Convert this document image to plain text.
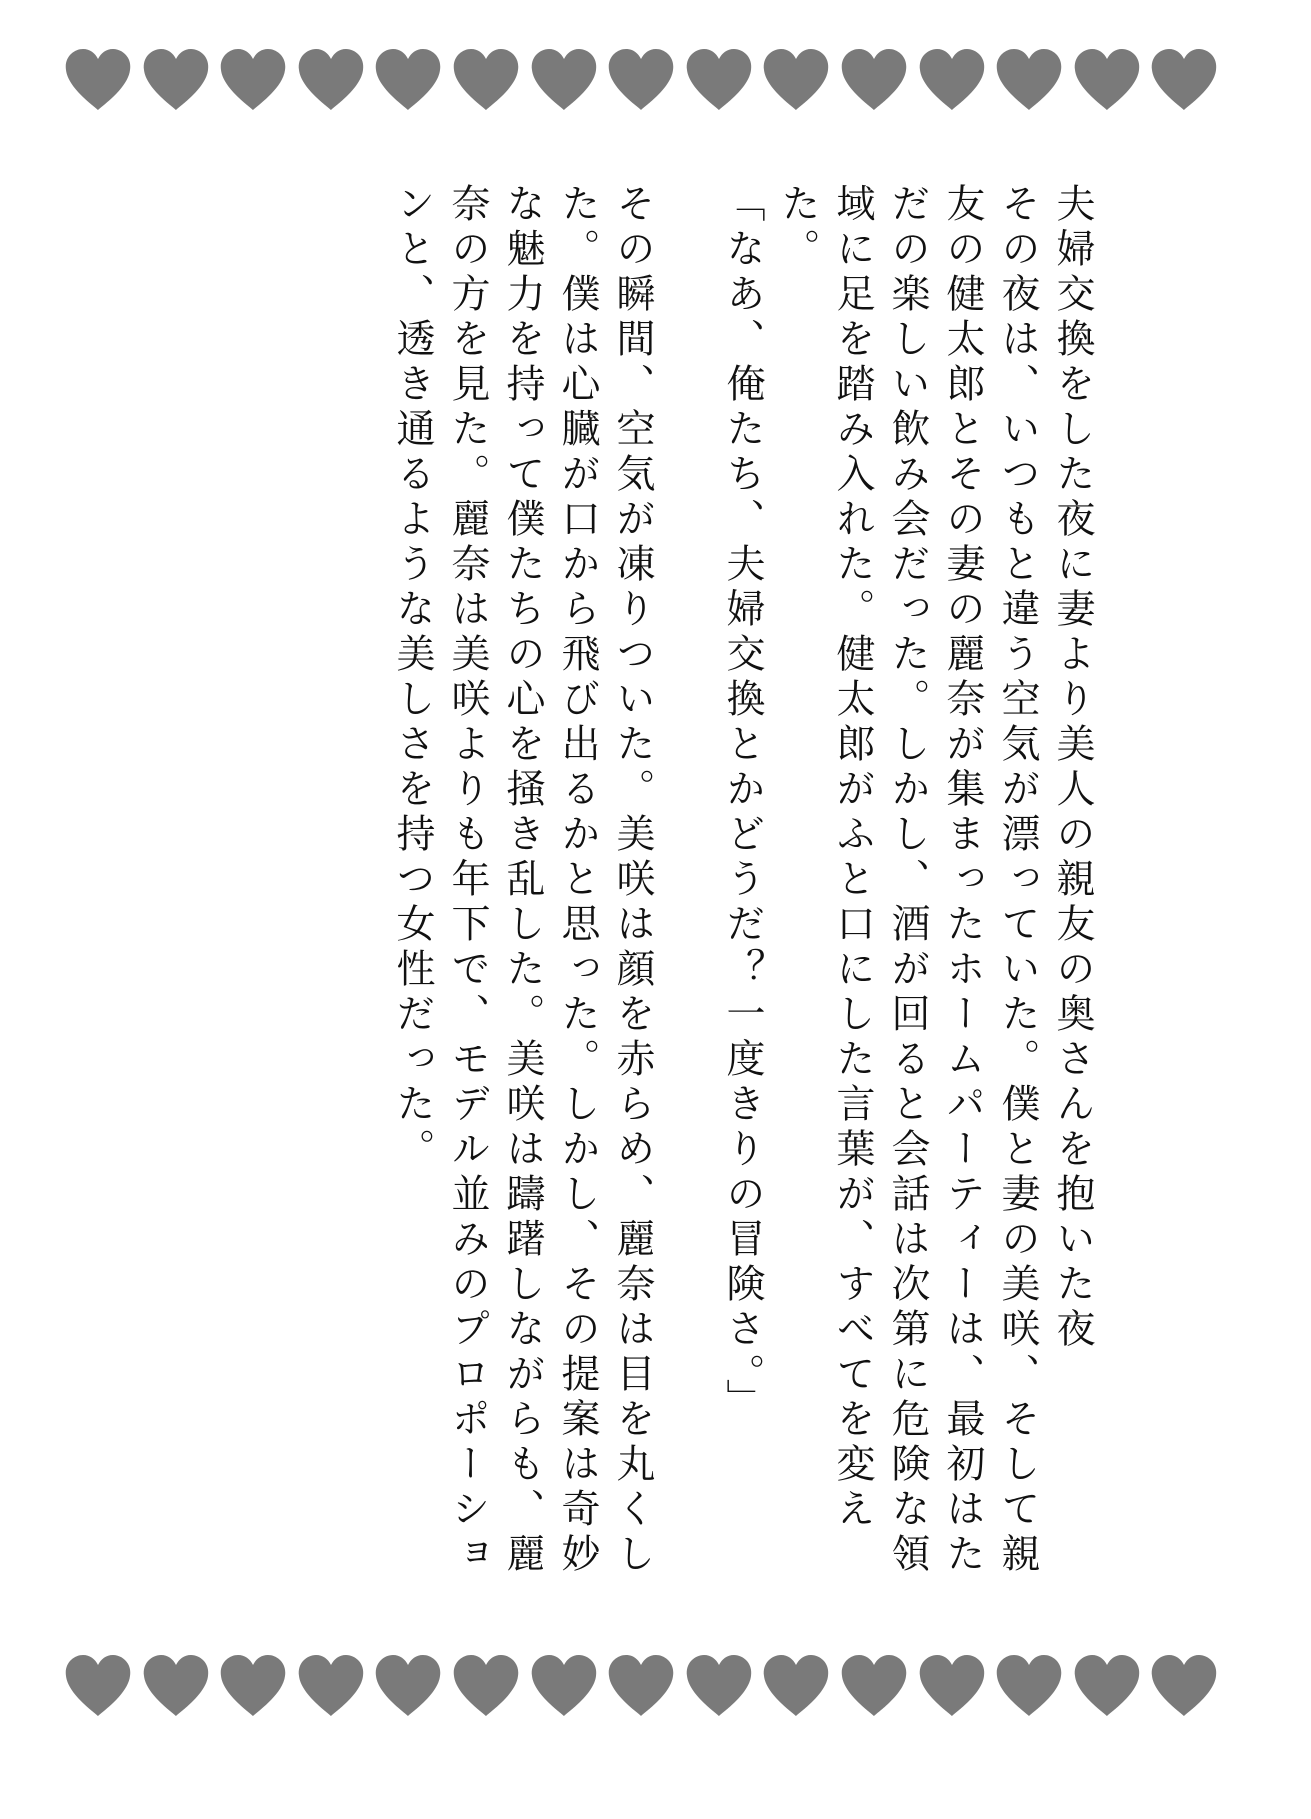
夫婦交換をした夜に妻より美人の親友の奥さんを抱いた夜

その夜は、いつもと違う空気が漂っていた。僕と妻の美咲、そして親友の健太郎とその妻の麗奈が集まったホームパーティーは、最初はただの楽しい飲み会だった。しかし、酒が回ると会話は次第に危険な領域に足を踏み入れた。健太郎がふと口にした言葉が、すべてを変えた。

「なあ、俺たち、夫婦交換とかどうだ？一度きりの冒険さ。」

その瞬間、空気が凍りついた。美咲は顔を赤らめ、麗奈は目を丸くした。僕は心臓が口から飛び出るかと思った。しかし、その提案は奇妙な魅力を持って僕たちの心を掻き乱した。美咲は躊躇しながらも、麗奈の方を見た。麗奈は美咲よりも年下で、モデル並みのプロポーションと、透き通るような美しさを持つ女性だった。
